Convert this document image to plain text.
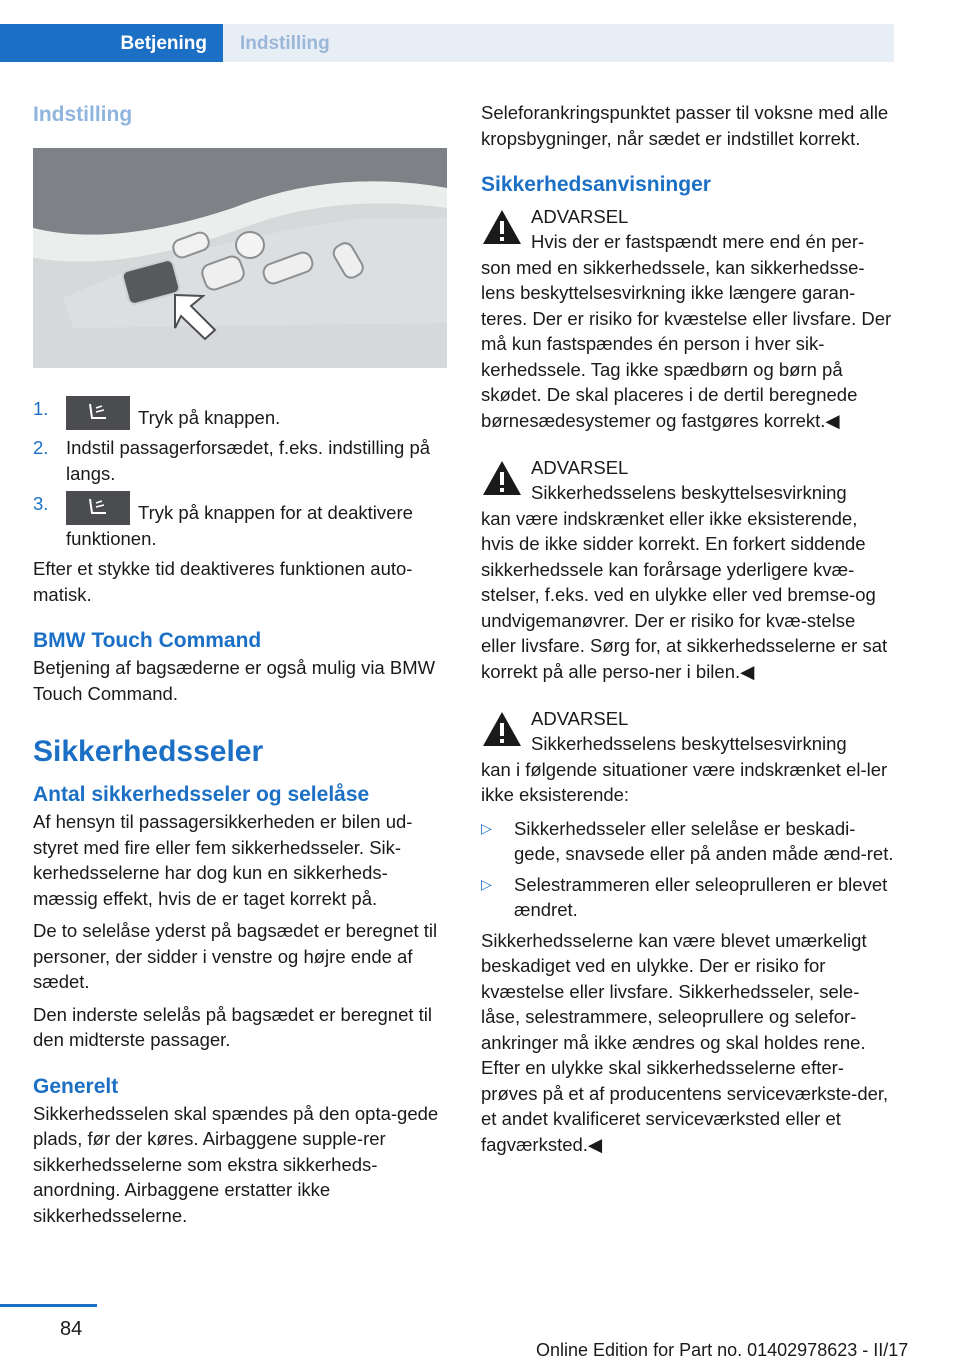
Betjening Indstilling
Indstilling
1.	Tryk på knappen.
2. Indstil passagerforsædet, f.eks. indstilling på langs.
3.	Tryk på knappen for at deaktivere funktionen.

Efter et stykke tid deaktiveres funktionen auto-matisk.

BMW Touch Command

Betjening af bagsæderne er også mulig via BMW Touch Command.

Sikkerhedsseler
Antal sikkerhedsseler og selelåse

Af hensyn til passagersikkerheden er bilen ud-styret med fire eller fem sikkerhedsseler. Sik-kerhedsselerne har dog kun en sikkerheds-mæssig effekt, hvis de er taget korrekt på.

De to selelåse yderst på bagsædet er beregnet til personer, der sidder i venstre og højre ende af sædet.

Den inderste selelås på bagsædet er beregnet til den midterste passager.

Generelt

Sikkerhedsselen skal spændes på den opta-gede plads, før der køres. Airbaggene supple-rer sikkerhedsselerne som ekstra sikkerheds-anordning. Airbaggene erstatter ikke sikkerhedsselerne.

Seleforankringspunktet passer til voksne med alle kropsbygninger, når sædet er indstillet korrekt.

Sikkerhedsanvisninger
ADVARSEL
Hvis der er fastspændt mere end én per-
son med en sikkerhedssele, kan sikkerhedsse-lens beskyttelsesvirkning ikke længere garan-teres. Der er risiko for kvæstelse eller livsfare. Der må kun fastspændes én person i hver sik-kerhedssele. Tag ikke spædbørn og børn på skødet. De skal placeres i de dertil beregnede børnesædesystemer og fastgøres korrekt.◀
ADVARSEL
Sikkerhedsselens beskyttelsesvirkning
kan være indskrænket eller ikke eksisterende, hvis de ikke sidder korrekt. En forkert siddende sikkerhedssele kan forårsage yderligere kvæ-stelser, f.eks. ved en ulykke eller ved bremse-og undvigemanøvrer. Der er risiko for kvæ-stelse eller livsfare. Sørg for, at sikkerhedsselerne er sat korrekt på alle perso-ner i bilen.◀
ADVARSEL
Sikkerhedsselens beskyttelsesvirkning
kan i følgende situationer være indskrænket el-ler ikke eksisterende:
▷	Sikkerhedsseler eller selelåse er beskadi-gede, snavsede eller på anden måde ænd-ret.
▷	Selestrammeren eller seleoprulleren er blevet ændret.

Sikkerhedsselerne kan være blevet umærkeligt beskadiget ved en ulykke. Der er risiko for kvæstelse eller livsfare. Sikkerhedsseler, sele-låse, selestrammere, seleoprullere og selefor-ankringer må ikke ændres og skal holdes rene. Efter en ulykke skal sikkerhedsselerne efter-prøves på et af producentens serviceværkste-der, et andet kvalificeret serviceværksted eller et fagværksted.◀

84
Online Edition for Part no. 01402978623 - II/17
